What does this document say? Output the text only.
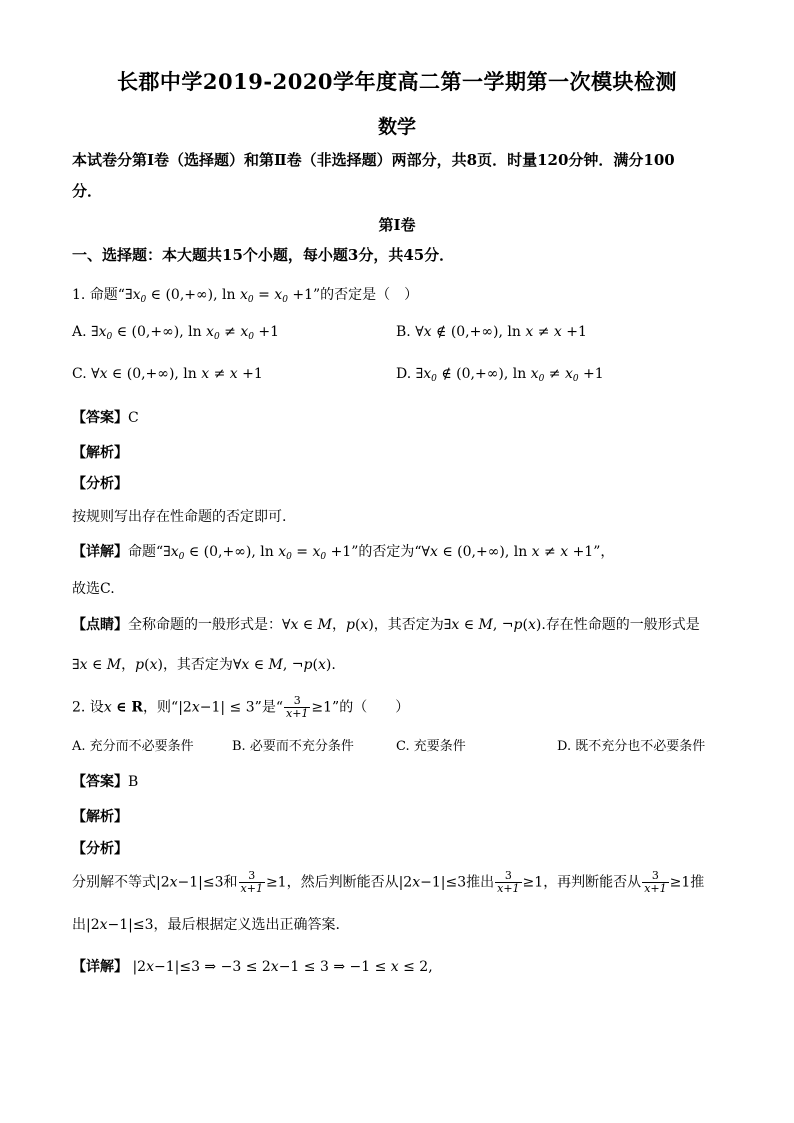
长郡中学2019-2020学年度高二第一学期第一次模块检测
数学
本试卷分第Ⅰ卷（选择题）和第Ⅱ卷（非选择题）两部分，共8页．时量120分钟．满分100
分．
第Ⅰ卷
一、选择题：本大题共15个小题，每小题3分，共45分．
1. 命题“$\exists x_0$ ∈ (0,+∞), $\ln x_0 = x_0 +1$”的否定是（　）
A. $\exists x_0$ ∈ (0,+∞), $\ln x_0 \ne x_0 +1$	B. ∀x ∉ (0,+∞), ln x ≠ x +1
C. ∀x ∈ (0,+∞), ln x ≠ x +1	D. $\exists x_0$ ∉ (0,+∞), $\ln x_0 \ne x_0 +1$
【答案】C
【解析】
【分析】
按规则写出存在性命题的否定即可.
【详解】命题“$\exists x_0$ ∈ (0,+∞), $\ln x_0 = x_0 +1$”的否定为“∀x ∈ (0,+∞), ln x ≠ x +1”，
故选C.
【点睛】全称命题的一般形式是：∀x ∈ M，p(x)，其否定为∃x ∈ M, ¬p(x).存在性命题的一般形式是
∃x ∈ M，p(x)，其否定为∀x ∈ M, ¬p(x).
2. 设x ∈ R，则“|2x−1| ≤ 3”是“ $\frac{3}{x+1} \ge 1$”的（　　）
A. 充分而不必要条件	B. 必要而不充分条件	C. 充要条件	D. 既不充分也不必要条件
【答案】B
【解析】
【分析】
分别解不等式|2x−1|≤3和 $\frac{3}{x+1} \ge 1$，然后判断能否从|2x−1|≤3推出 $\frac{3}{x+1} \ge 1$，再判断能否从 $\frac{3}{x+1} \ge 1$推
出|2x−1|≤3，最后根据定义选出正确答案.
【详解】 |2x−1|≤3 ⇒ −3 ≤ 2x−1 ≤ 3 ⇒ −1 ≤ x ≤ 2,
